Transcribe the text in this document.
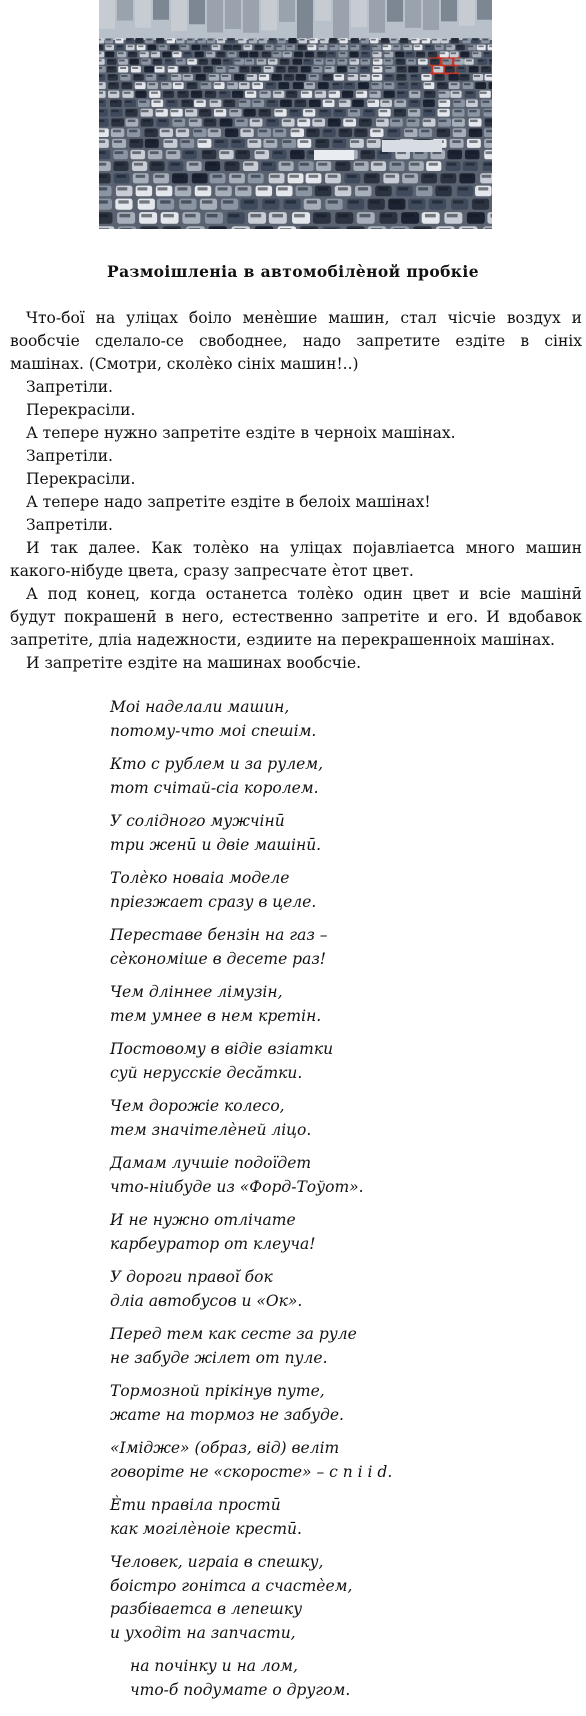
Размоішленіа в автомобілѐной пробкіе

Что-бої на уліцах боіло менѐшие машин, стал чісчіе воздух и вообсчіе сделало-се свободнее, надо запретите ездіте в сініх машінах. (Смотри, сколѐко сініх машин!..)

Запретіли.

Перекрасіли.

А тепере нужно запретіте ездіте в черноіх машінах.

Запретіли.

Перекрасіли.

А тепере надо запретіте ездіте в белоіх машінах!

Запретіли.

И так далее. Как толѐко на уліцах појавліаетса много машин какого-нібуде цвета, сразу запресчате ѐтот цвет.

А под конец, когда останетса толѐко один цвет и всіе машінӣ будут покрашенӣ в него, естественно запретіте и его. И вдобавок запретіте, дліа надежности, ездиите на перекрашенноіх машінах.

И запретіте ездіте на машинах вообсчіе.

Моі наделали машин,
потому-что моі спешім.
Кто с рублем и за рулем,
тот счітай-сіа королем.
У солідного мужчінӣ
три женӣ и двіе машінӣ.
Толѐко новаіа моделе
пріезжает сразу в целе.
Переставе бензін на газ –
сѐкономіше в десете раз!
Чем дліннее лімузін,
тем умнее в нем кретін.
Постовому в відіе взіатки
суй нерусскіе десӑтки.
Чем дорожіе колесо,
тем значітелѐней ліцо.
Дамам лучшіе подоїдет
что-ніибуде из «Форд-Тоўот».
И не нужно отлічате
карбеуратор от клеуча!
У дороги правоі̆ бок
дліа автобусов и «Ок».
Перед тем как сесте за руле
не забуде жілет от пуле.
Тормозной прікінув путе,
жате на тормоз не забуде.
«Імідже» (образ, від) веліт
говоріте не «скоросте» – с п і і d.
Ѐти правіла простӣ
как могілѐноіе крестӣ.
Человек, играіа в спешку,
боістро гонітса а счастѐем,
разбіваетса в лепешку
и уходіт на запчасти,
на почінку и на лом,
что-б подумате о другом.
